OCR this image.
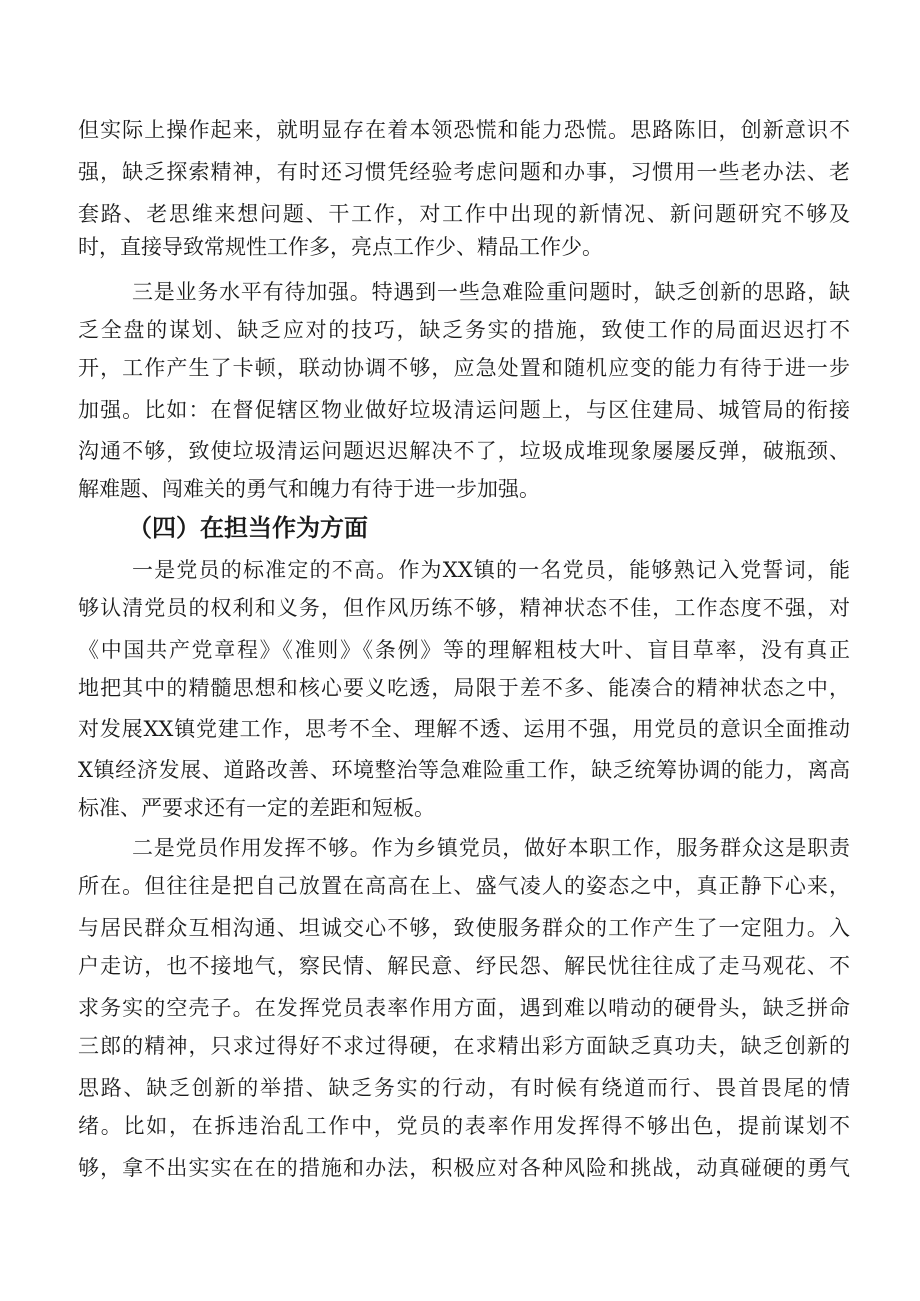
但实际上操作起来，就明显存在着本领恐慌和能力恐慌。思路陈旧，创新意识不
强，缺乏探索精神，有时还习惯凭经验考虑问题和办事，习惯用一些老办法、老
套路、老思维来想问题、干工作，对工作中出现的新情况、新问题研究不够及
时，直接导致常规性工作多，亮点工作少、精品工作少。
三是业务水平有待加强。特遇到一些急难险重问题时，缺乏创新的思路，缺
乏全盘的谋划、缺乏应对的技巧，缺乏务实的措施，致使工作的局面迟迟打不
开，工作产生了卡顿，联动协调不够，应急处置和随机应变的能力有待于进一步
加强。比如：在督促辖区物业做好垃圾清运问题上，与区住建局、城管局的衔接
沟通不够，致使垃圾清运问题迟迟解决不了，垃圾成堆现象屡屡反弹，破瓶颈、
解难题、闯难关的勇气和魄力有待于进一步加强。
（四）在担当作为方面
一是党员的标准定的不高。作为XX镇的一名党员，能够熟记入党誓词，能
够认清党员的权利和义务，但作风历练不够，精神状态不佳，工作态度不强，对
《中国共产党章程》《准则》《条例》等的理解粗枝大叶、盲目草率，没有真正
地把其中的精髓思想和核心要义吃透，局限于差不多、能凑合的精神状态之中，
对发展XX镇党建工作，思考不全、理解不透、运用不强，用党员的意识全面推动
X镇经济发展、道路改善、环境整治等急难险重工作，缺乏统筹协调的能力，离高
标准、严要求还有一定的差距和短板。
二是党员作用发挥不够。作为乡镇党员，做好本职工作，服务群众这是职责
所在。但往往是把自己放置在高高在上、盛气凌人的姿态之中，真正静下心来，
与居民群众互相沟通、坦诚交心不够，致使服务群众的工作产生了一定阻力。入
户走访，也不接地气，察民情、解民意、纾民怨、解民忧往往成了走马观花、不
求务实的空壳子。在发挥党员表率作用方面，遇到难以啃动的硬骨头，缺乏拼命
三郎的精神，只求过得好不求过得硬，在求精出彩方面缺乏真功夫，缺乏创新的
思路、缺乏创新的举措、缺乏务实的行动，有时候有绕道而行、畏首畏尾的情
绪。比如，在拆违治乱工作中，党员的表率作用发挥得不够出色，提前谋划不
够，拿不出实实在在的措施和办法，积极应对各种风险和挑战，动真碰硬的勇气
